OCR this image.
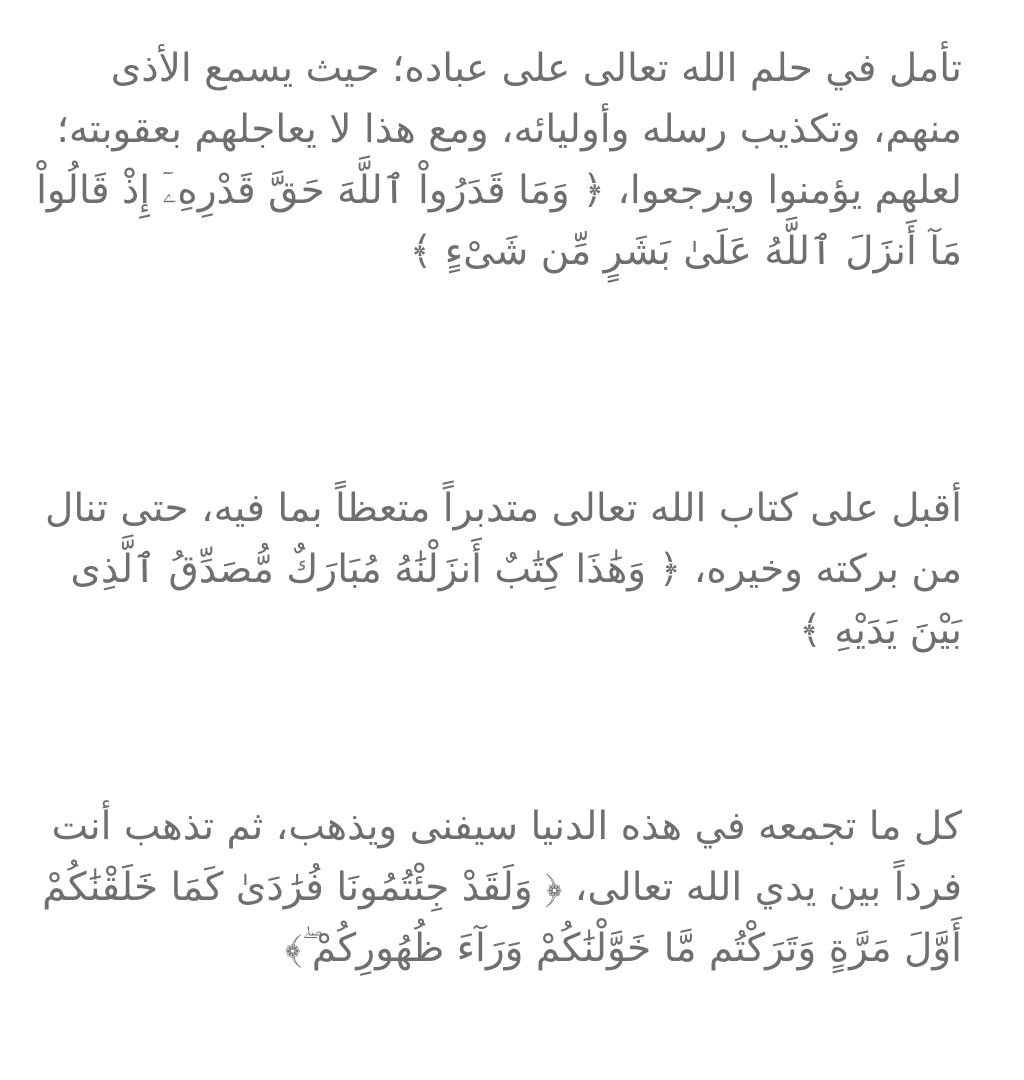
تأمل في حلم الله تعالى على عباده؛ حيث يسمع الأذى منهم، وتكذيب رسله وأوليائه، ومع هذا لا يعاجلهم بعقوبته؛ لعلهم يؤمنوا ويرجعوا، ﴿ وَمَا قَدَرُواْ ٱللَّهَ حَقَّ قَدْرِهِۦٓ إِذْ قَالُواْ مَآ أَنزَلَ ٱللَّهُ عَلَىٰ بَشَرٍ مِّن شَىْءٍ ﴾

أقبل على كتاب الله تعالى متدبراً متعظاً بما فيه، حتى تنال من بركته وخيره، ﴿ وَهَٰذَا كِتَٰبٌ أَنزَلْنَٰهُ مُبَارَكٌ مُّصَدِّقُ ٱلَّذِى بَيْنَ يَدَيْهِ ﴾

كل ما تجمعه في هذه الدنيا سيفنى ويذهب، ثم تذهب أنت فرداً بين يدي الله تعالى، ﴿ وَلَقَدْ جِئْتُمُونَا فُرَٰدَىٰ كَمَا خَلَقْنَٰكُمْ أَوَّلَ مَرَّةٍ وَتَرَكْتُم مَّا خَوَّلْنَٰكُمْ وَرَآءَ ظُهُورِكُمْ ۖ﴾
